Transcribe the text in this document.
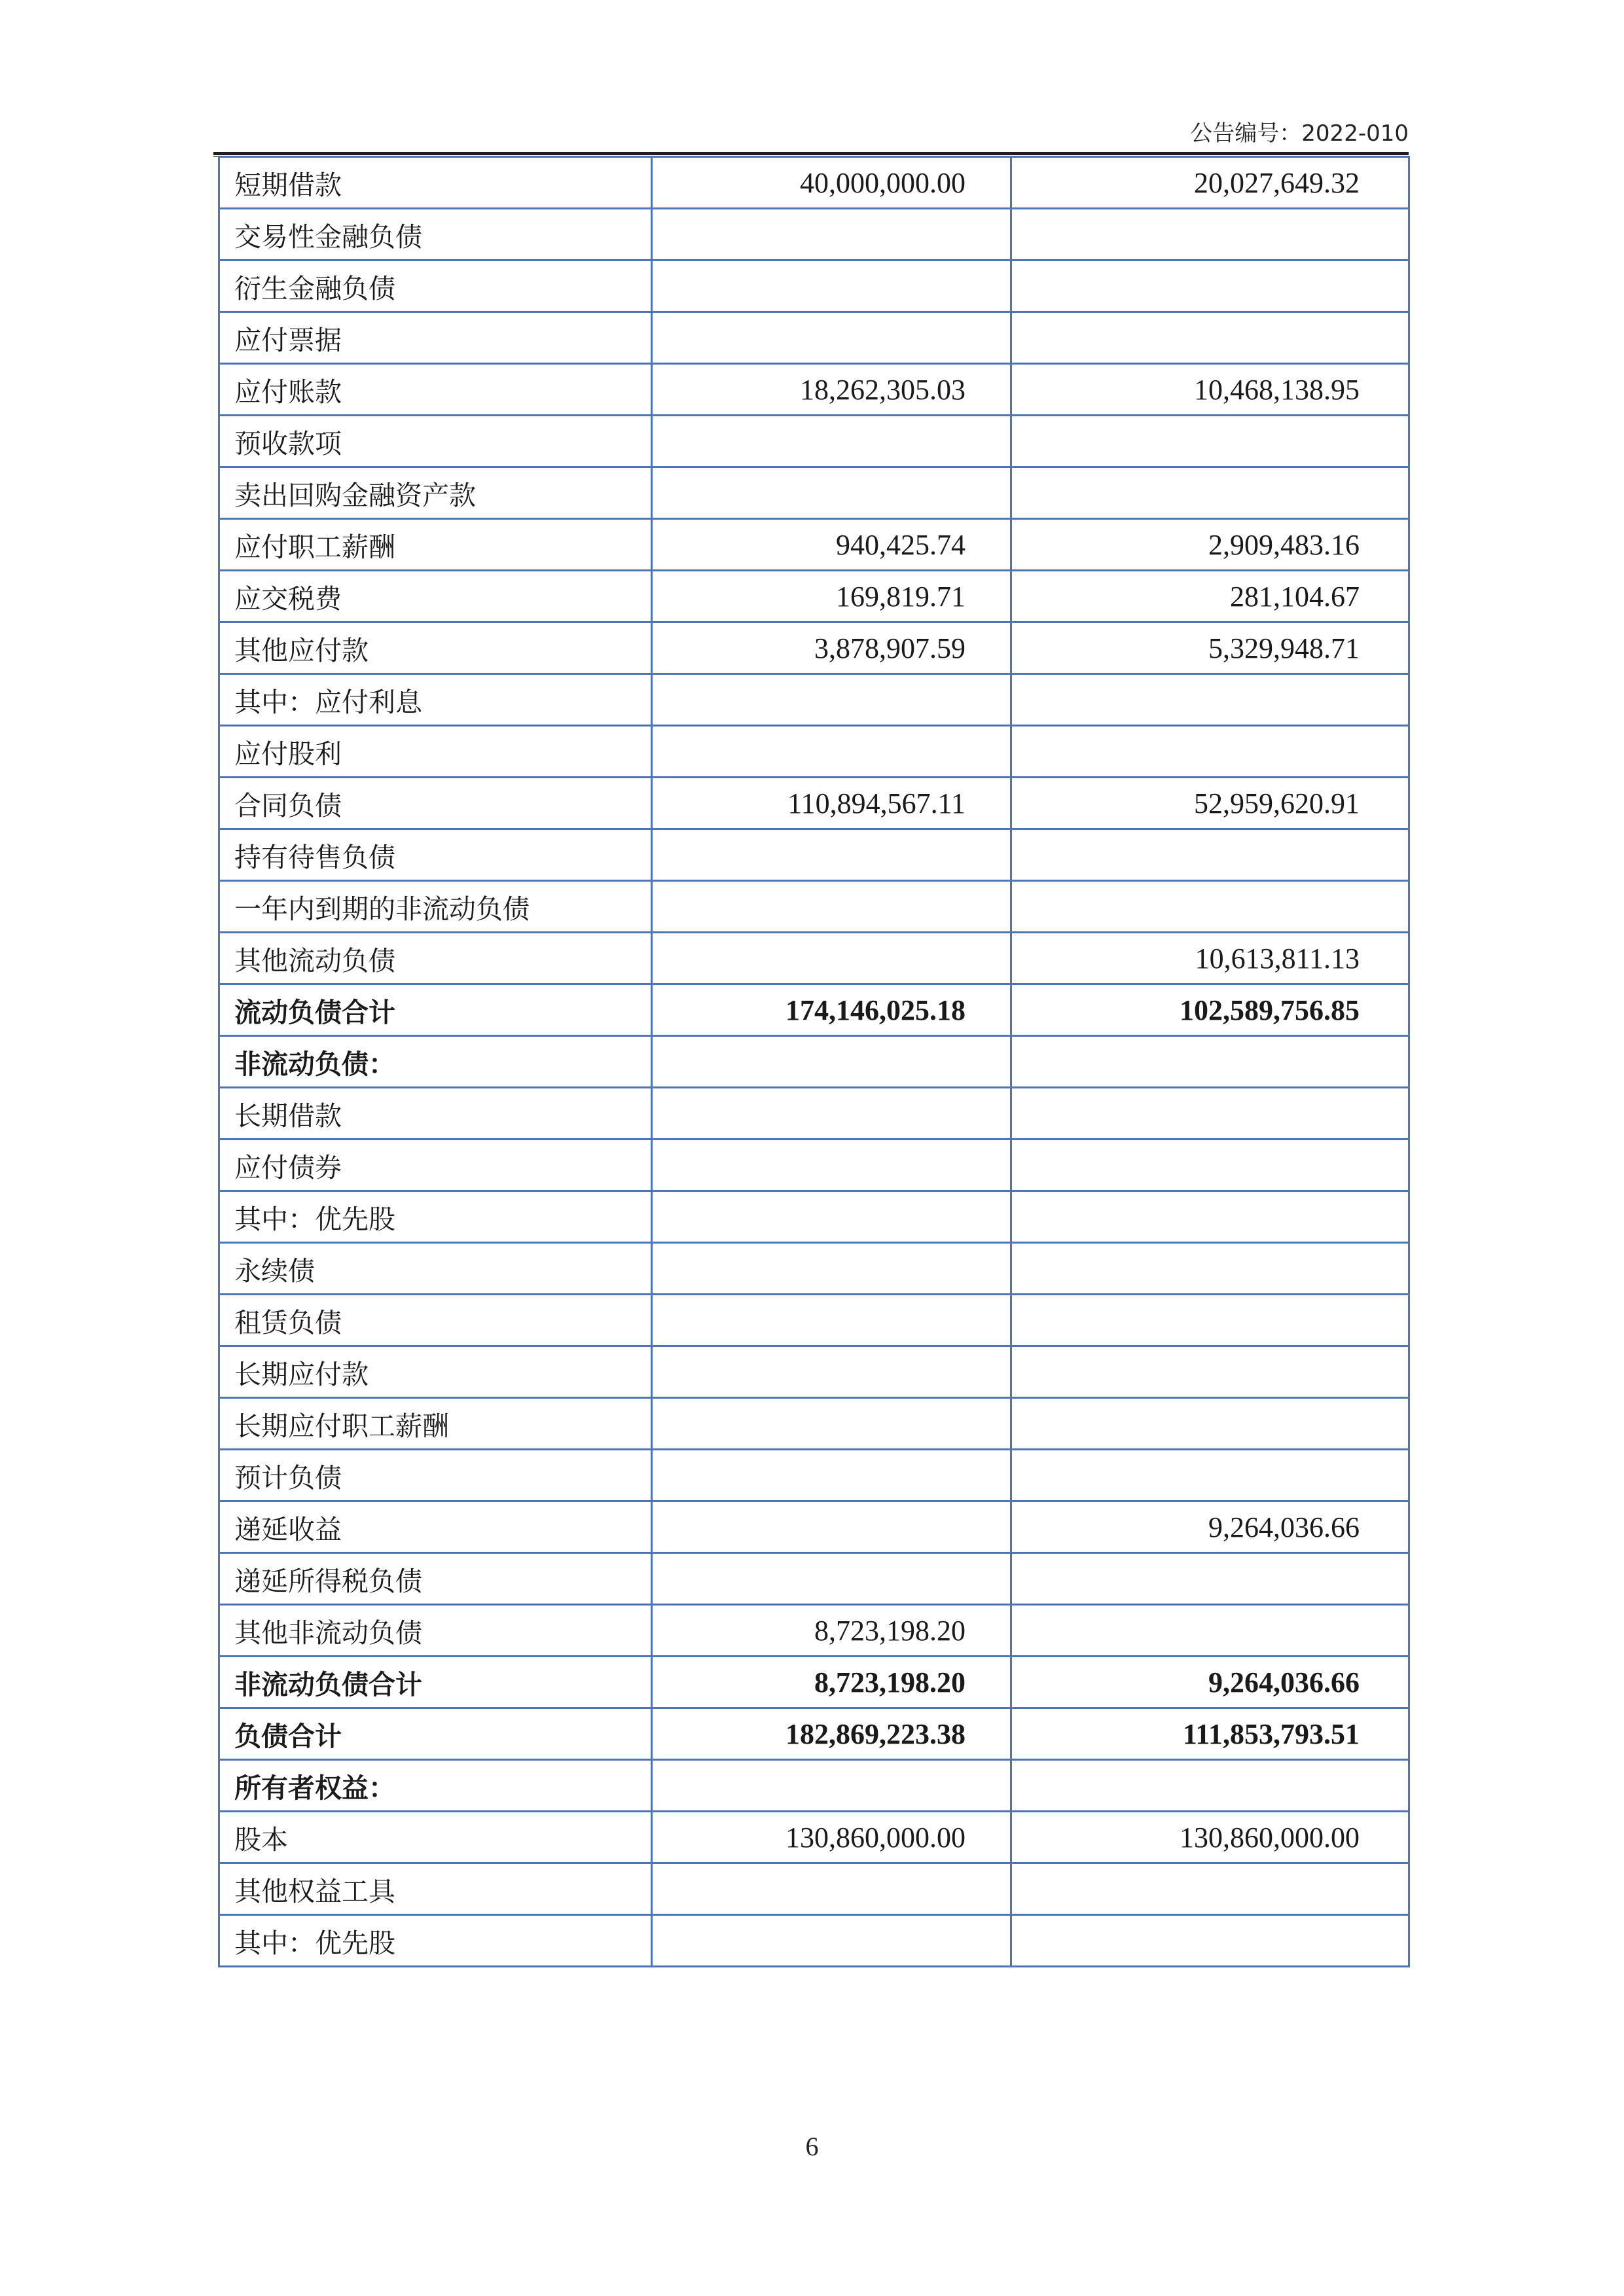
公告编号：2022-010
短期借款	40,000,000.00	20,027,649.32
交易性金融负债		
衍生金融负债		
应付票据		
应付账款	18,262,305.03	10,468,138.95
预收款项		
卖出回购金融资产款		
应付职工薪酬	940,425.74	2,909,483.16
应交税费	169,819.71	281,104.67
其他应付款	3,878,907.59	5,329,948.71
其中：应付利息		
应付股利		
合同负债	110,894,567.11	52,959,620.91
持有待售负债		
一年内到期的非流动负债		
其他流动负债		10,613,811.13
流动负债合计	174,146,025.18	102,589,756.85
非流动负债：		
长期借款		
应付债券		
其中：优先股		
永续债		
租赁负债		
长期应付款		
长期应付职工薪酬		
预计负债		
递延收益		9,264,036.66
递延所得税负债		
其他非流动负债	8,723,198.20	
非流动负债合计	8,723,198.20	9,264,036.66
负债合计	182,869,223.38	111,853,793.51
所有者权益：		
股本	130,860,000.00	130,860,000.00
其他权益工具		
其中：优先股		
6
